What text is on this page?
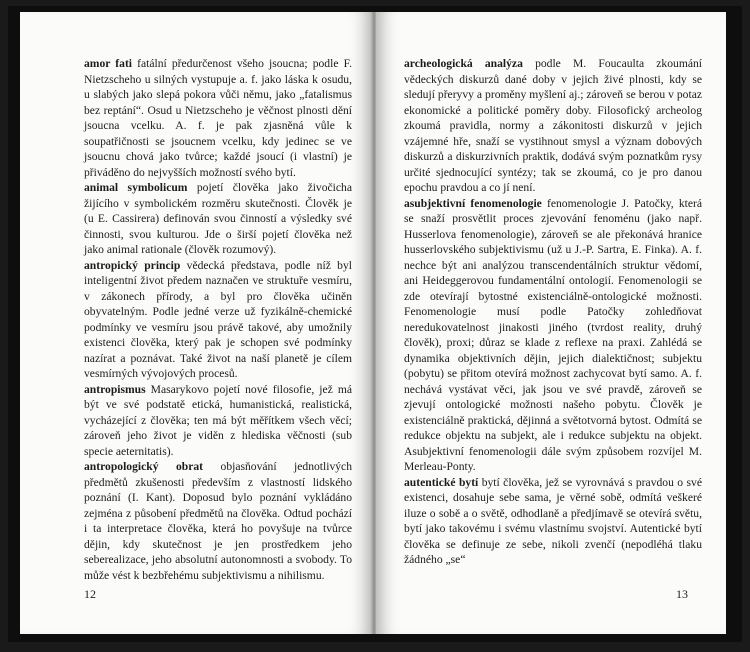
amor fati fatální předurčenost všeho jsoucna; podle F. Nietzscheho u silných vystupuje a. f. jako láska k osudu, u slabých jako slepá pokora vůči němu, jako „fatalismus bez reptání“. Osud u Nietzscheho je věčnost plnosti dění jsoucna vcelku. A. f. je pak zjasněná vůle k soupatřičnosti se jsoucnem vcelku, kdy jedinec se ve jsoucnu chová jako tvůrce; každé jsoucí (i vlastní) je přiváděno do nejvyšších možností svého bytí.

animal symbolicum pojetí člověka jako živočicha žijícího v symbolickém rozměru skutečnosti. Člověk je (u E. Cassirera) definován svou činností a výsledky své činnosti, svou kulturou. Jde o širší pojetí člověka než jako animal rationale (člověk rozumový).

antropický princip vědecká představa, podle níž byl inteligentní život předem naznačen ve struktuře vesmíru, v zákonech přírody, a byl pro člověka učiněn obyvatelným. Podle jedné verze už fyzikálně-chemické podmínky ve vesmíru jsou právě takové, aby umožnily existenci člověka, který pak je schopen své podmínky nazírat a poznávat. Také život na naší planetě je cílem vesmírných vývojových procesů.

antropismus Masarykovo pojetí nové filosofie, jež má být ve své podstatě etická, humanistická, realistická, vycházející z člověka; ten má být měřítkem všech věcí; zároveň jeho život je viděn z hlediska věčnosti (sub specie aeternitatis).

antropologický obrat objasňování jednotlivých předmětů zkušenosti především z vlastností lidského poznání (I. Kant). Doposud bylo poznání vykládáno zejména z působení předmětů na člověka. Odtud pochází i ta interpretace člověka, která ho povyšuje na tvůrce dějin, kdy skutečnost je jen prostředkem jeho seberealizace, jeho absolutní autonomnosti a svobody. To může vést k bezbřehému subjektivismu a nihilismu.

12

archeologická analýza podle M. Foucaulta zkoumání vědeckých diskurzů dané doby v jejich živé plnosti, kdy se sledují přeryvy a proměny myšlení aj.; zároveň se berou v potaz ekonomické a politické poměry doby. Filosofický archeolog zkoumá pravidla, normy a zákonitosti diskurzů v jejich vzájemné hře, snaží se vystihnout smysl a význam dobových diskurzů a diskurzivních praktik, dodává svým poznatkům rysy určité sjednocující syntézy; tak se zkoumá, co je pro danou epochu pravdou a co jí není.

asubjektivní fenomenologie fenomenologie J. Patočky, která se snaží prosvětlit proces zjevování fenoménu (jako např. Husserlova fenomenologie), zároveň se ale překonává hranice husserlovského subjektivismu (už u J.-P. Sartra, E. Finka). A. f. nechce být ani analýzou transcendentálních struktur vědomí, ani Heideggerovou fundamentální ontologií. Fenomenologii se zde otevírají bytostné existenciálně-ontologické možnosti. Fenomenologie musí podle Patočky zohledňovat neredukovatelnost jinakosti jiného (tvrdost reality, druhý člověk), proxi; důraz se klade z reflexe na praxi. Zahlédá se dynamika objektivních dějin, jejich dialektičnost; subjektu (pobytu) se přitom otevírá možnost zachycovat bytí samo. A. f. nechává vystávat věci, jak jsou ve své pravdě, zároveň se zjevují ontologické možnosti našeho pobytu. Člověk je existenciálně praktická, dějinná a světotvorná bytost. Odmítá se redukce objektu na subjekt, ale i redukce subjektu na objekt. Asubjektivní fenomenologii dále svým způsobem rozvíjel M. Merleau-Ponty.

autentické bytí bytí člověka, jež se vyrovnává s pravdou o své existenci, dosahuje sebe sama, je věrné sobě, odmítá veškeré iluze o sobě a o světě, odhodlaně a předjímavě se otevírá světu, bytí jako takovému i svému vlastnímu svojství. Autentické bytí člověka se definuje ze sebe, nikoli zvenčí (nepodléhá tlaku žádného „se“

13
